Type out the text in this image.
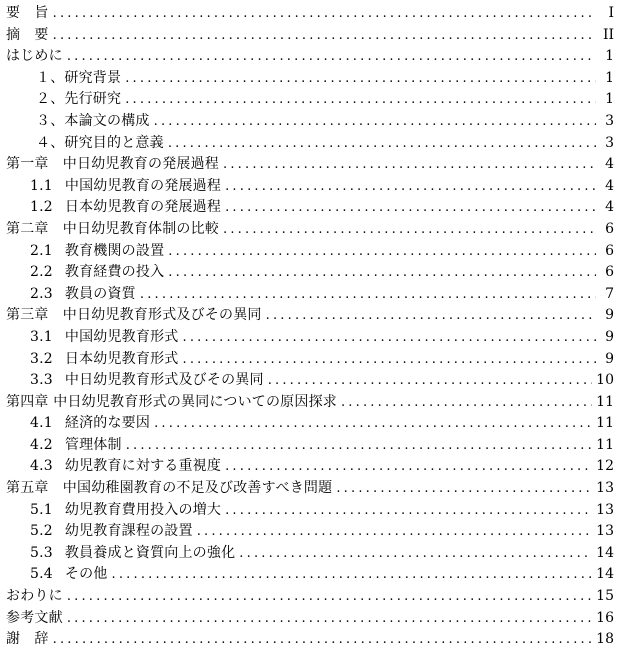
要　旨 .....	I
摘　要 .....	II
はじめに .....	1
１、研究背景 .....	1
２、先行研究 .....	1
３、本論文の構成 .....	3
４、研究目的と意義 .....	3
第一章　中日幼児教育の発展過程 .....	4
1.1 中国幼児教育の発展過程 .....	4
1.2 日本幼児教育の発展過程 .....	4
第二章　中日幼児教育体制の比較 .....	6
2.1 教育機関の設置 .....	6
2.2 教育経費の投入 .....	6
2.3 教員の資質 .....	7
第三章　中日幼児教育形式及びその異同 .....	9
3.1 中国幼児教育形式 .....	9
3.2 日本幼児教育形式 .....	9
3.3 中日幼児教育形式及びその異同 .....	10
第四章 中日幼児教育形式の異同についての原因探求 .....	11
4.1 経済的な要因 .....	11
4.2 管理体制 .....	11
4.3 幼児教育に対する重視度 .....	12
第五章　中国幼稚園教育の不足及び改善すべき問題 .....	13
5.1 幼児教育費用投入の増大 .....	13
5.2 幼児教育課程の設置 .....	13
5.3 教員養成と資質向上の強化 .....	14
5.4 その他 .....	14
おわりに .....	15
参考文献 .....	16
謝　辞 .....	18
